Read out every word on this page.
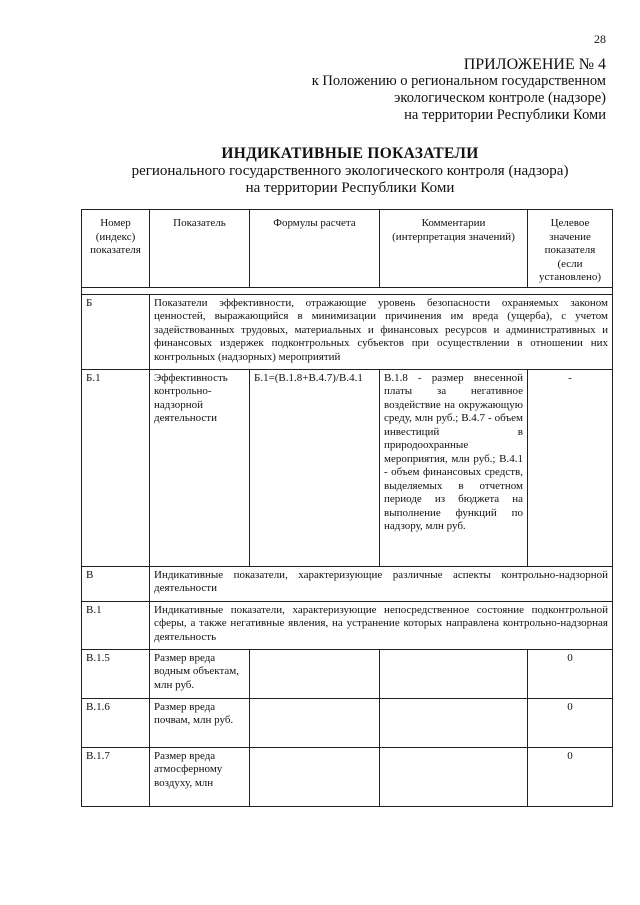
28
ПРИЛОЖЕНИЕ № 4
к Положению о региональном государственном
экологическом контроле (надзоре)
на территории Республики Коми
ИНДИКАТИВНЫЕ ПОКАЗАТЕЛИ
регионального государственного экологического контроля (надзора)
на территории Республики Коми
Номер (индекс) показателя	Показатель	Формулы расчета	Комментарии (интерпретация значений)	Целевое значение показателя (если установлено)

Б	Показатели эффективности, отражающие уровень безопасности охраняемых законом ценностей, выражающийся в минимизации причинения им вреда (ущерба), с учетом задействованных трудовых, материальных и финансовых ресурсов и административных и финансовых издержек подконтрольных субъектов при осуществлении в отношении них контрольных (надзорных) мероприятий			
Б.1	Эффективность контрольно-надзорной деятельности	Б.1=(В.1.8+В.4.7)/В.4.1	В.1.8 - размер внесенной платы за негативное воздействие на окружающую среду, млн руб.; В.4.7 - объем инвестиций в природоохранные мероприятия, млн руб.; В.4.1 - объем финансовых средств, выделяемых в отчетном периоде из бюджета на выполнение функций по надзору, млн руб.	-
В	Индикативные показатели, характеризующие различные аспекты контрольно-надзорной деятельности			
В.1	Индикативные показатели, характеризующие непосредственное состояние подконтрольной сферы, а также негативные явления, на устранение которых направлена контрольно-надзорная деятельность			
В.1.5	Размер вреда водным объектам, млн руб.			0
В.1.6	Размер вреда почвам, млн руб.			0
В.1.7	Размер вреда атмосферному воздуху, млн			0
